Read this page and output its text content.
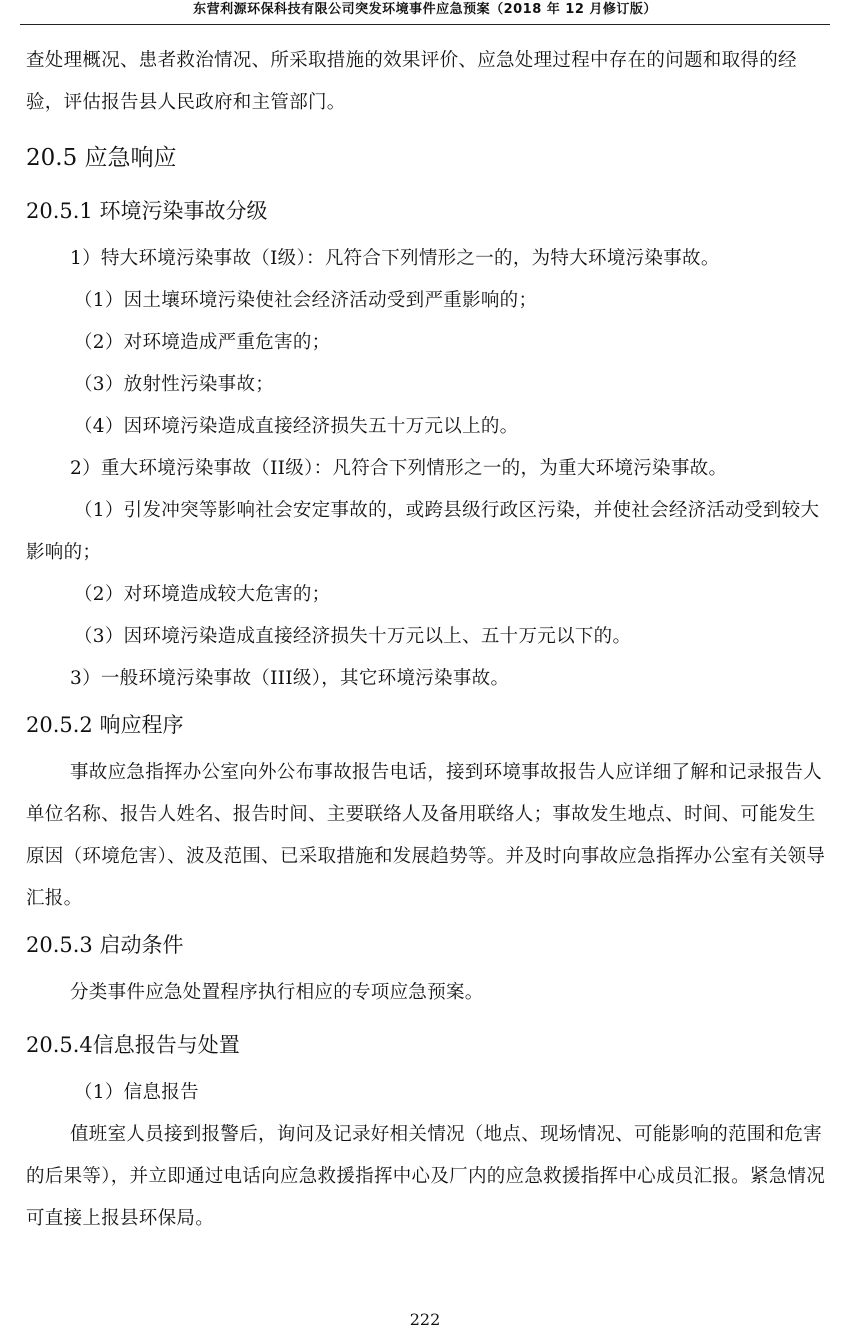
东营利源环保科技有限公司突发环境事件应急预案（2018 年 12 月修订版）

查处理概况、患者救治情况、所采取措施的效果评价、应急处理过程中存在的问题和取得的经验，评估报告县人民政府和主管部门。

20.5 应急响应
20.5.1 环境污染事故分级

1）特大环境污染事故（I级）：凡符合下列情形之一的，为特大环境污染事故。

（1）因土壤环境污染使社会经济活动受到严重影响的；

（2）对环境造成严重危害的；

（3）放射性污染事故；

（4）因环境污染造成直接经济损失五十万元以上的。

2）重大环境污染事故（II级）：凡符合下列情形之一的，为重大环境污染事故。

（1）引发冲突等影响社会安定事故的，或跨县级行政区污染，并使社会经济活动受到较大影响的；

（2）对环境造成较大危害的；

（3）因环境污染造成直接经济损失十万元以上、五十万元以下的。

3）一般环境污染事故（III级），其它环境污染事故。

20.5.2 响应程序

事故应急指挥办公室向外公布事故报告电话，接到环境事故报告人应详细了解和记录报告人单位名称、报告人姓名、报告时间、主要联络人及备用联络人；事故发生地点、时间、可能发生原因（环境危害）、波及范围、已采取措施和发展趋势等。并及时向事故应急指挥办公室有关领导汇报。

20.5.3 启动条件

分类事件应急处置程序执行相应的专项应急预案。

20.5.4信息报告与处置

（1）信息报告

值班室人员接到报警后，询问及记录好相关情况（地点、现场情况、可能影响的范围和危害的后果等），并立即通过电话向应急救援指挥中心及厂内的应急救援指挥中心成员汇报。紧急情况可直接上报县环保局。

222
